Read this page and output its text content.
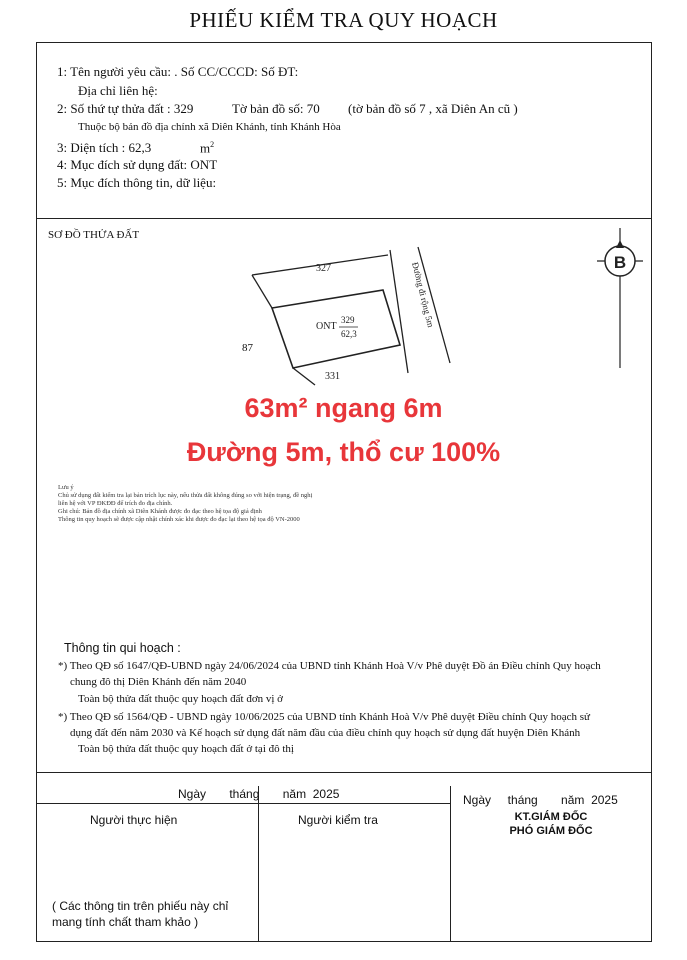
PHIẾU KIỂM TRA QUY HOẠCH
1: Tên người yêu cầu: . Số CC/CCCD: Số ĐT:
Địa chỉ liên hệ:
2: Số thứ tự thửa đất : 329	Tờ bản đồ số: 70 (tờ bản đồ số 7 , xã Diên An cũ )
Thuộc bộ bản đồ địa chính xã Diên Khánh, tỉnh Khánh Hòa
3: Diện tích : 62,3	$m^2$
4: Mục đích sử dụng đất: ONT
5: Mục đích thông tin, dữ liệu:
SƠ ĐỒ THỬA ĐẤT
B
327
331
ONT
329
62,3
Đường đi rộng 5m
87
63m² ngang 6m
Đường 5m, thổ cư 100%
Lưu ý
Chủ sử dụng đất kiểm tra lại bản trích lục này, nếu thửa đất không đúng so với hiện trạng, đề nghị
liên hệ với VP ĐKĐĐ để trích đo địa chính.
Ghi chú: Bản đồ địa chính xã Diên Khánh được đo đạc theo hệ tọa độ giả định
Thông tin quy hoạch sẽ được cập nhật chính xác khi được đo đạc lại theo hệ tọa độ VN-2000
Thông tin qui hoạch :
*) Theo QĐ số 1647/QĐ-UBND ngày 24/06/2024 của UBND tỉnh Khánh Hoà V/v Phê duyệt Đồ án Điều chỉnh Quy hoạch
chung đô thị Diên Khánh đến năm 2040
Toàn bộ thửa đất thuộc quy hoạch đất đơn vị ở
*) Theo QĐ số 1564/QĐ - UBND ngày 10/06/2025 của UBND tỉnh Khánh Hoà V/v Phê duyệt Điều chỉnh Quy hoạch sử
dụng đất đến năm 2030 và Kế hoạch sử dụng đất năm đầu của điều chỉnh quy hoạch sử dụng đất huyện Diên Khánh
Toàn bộ thửa đất thuộc quy hoạch đất ở tại đô thị
Ngày       tháng       năm  2025	Ngày     tháng       năm  2025
Người thực hiện	Người kiểm tra	KT.GIÁM ĐỐC
PHÓ GIÁM ĐỐC
( Các thông tin trên phiếu này chỉ
mang tính chất tham khảo )
